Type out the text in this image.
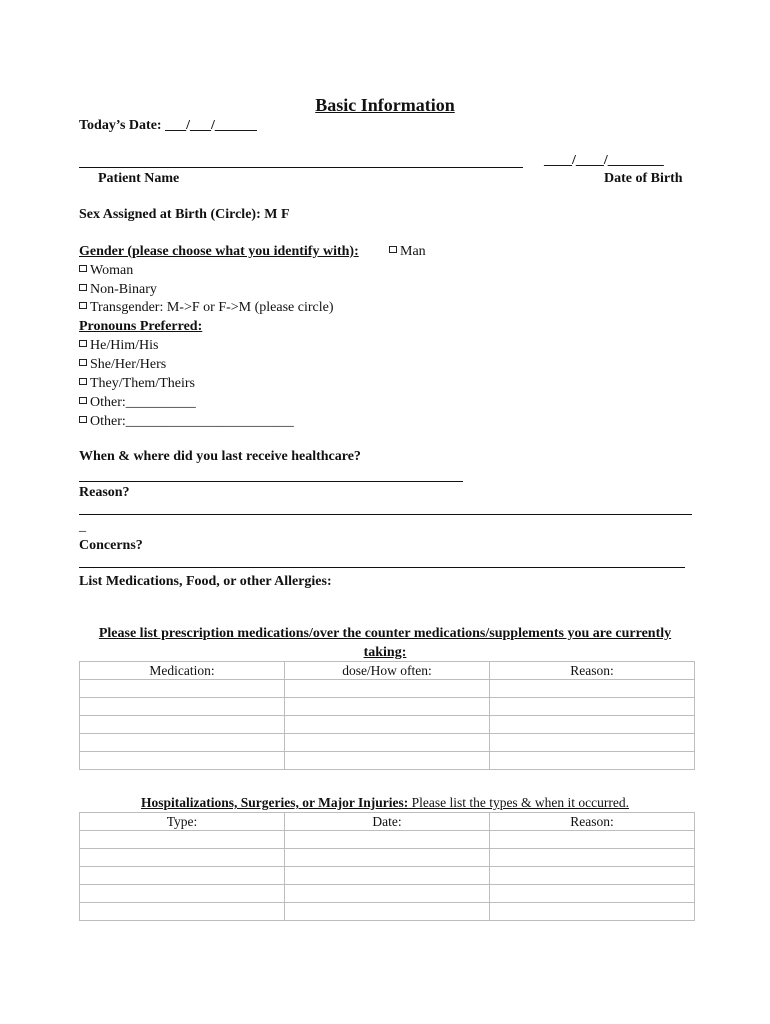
Basic Information
Today’s Date: ___/___/______
____/____/________
Patient Name	Date of Birth
Sex Assigned at Birth (Circle): M F
Gender (please choose what you identify with):	Man
Woman
Non-Binary
Transgender: M->F or F->M (please circle)
Pronouns Preferred:
He/Him/His
She/Her/Hers
They/Them/Theirs
Other:__________
Other:________________________
When & where did you last receive healthcare?
Reason?
_
Concerns?
List Medications, Food, or other Allergies:
Please list prescription medications/over the counter medications/supplements you are currently
taking:
Medication:	dose/How often:	Reason:

Hospitalizations, Surgeries, or Major Injuries: Please list the types & when it occurred.
Type:	Date:	Reason:
